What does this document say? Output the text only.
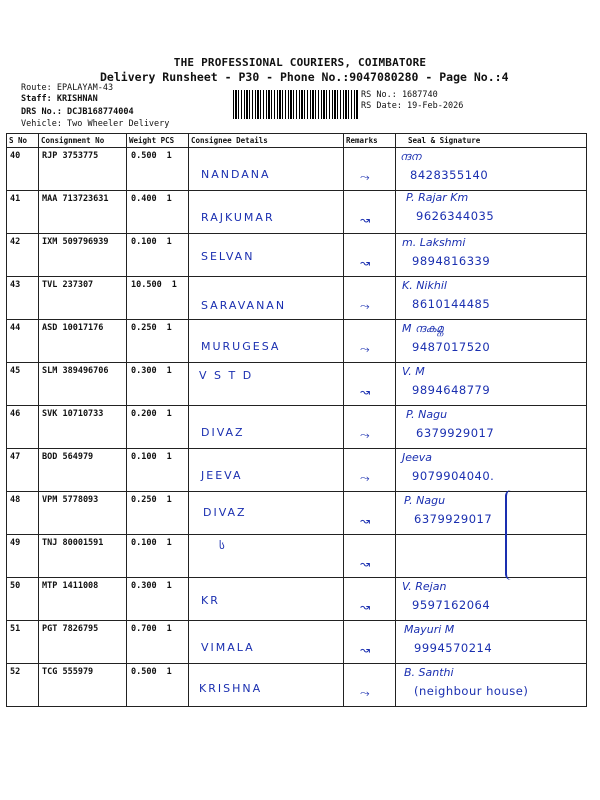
THE PROFESSIONAL COURIERS, COIMBATORE
Delivery Runsheet - P30 - Phone No.:9047080280 - Page No.:4
Route: EPALAYAM-43
Staff: KRISHNAN
DRS No.: DCJB168774004
Vehicle: Two Wheeler Delivery
RS No.: 1687740
RS Date: 19-Feb-2026
S No	Consignment No	Weight PCS	Consignee Details	Remarks	Seal & Signature
40	RJP 3753775	0.500 1	NANDANA	⤳	ന്ദന
8428355140

41	MAA 713723631	0.400 1	RAJKUMAR	↝	P. Rajar Km
9626344035

42	IXM 509796939	0.100 1	SELVAN	↝	m. Lakshmi
9894816339

43	TVL 237307	10.500 1	SARAVANAN	⤳	K. Nikhil
8610144485

44	ASD 10017176	0.250 1	MURUGESA	⤳	M ന്ദകമ്ന
9487017520

45	SLM 389496706	0.300 1	V S T D	↝	V. M
9894648779

46	SVK 10710733	0.200 1	DIVAZ	⤳	P. Nagu
6379929017

47	BOD 564979	0.100 1	JEEVA	⤳	Jeeva
9079904040.

48	VPM 5778093	0.250 1	DIVAZ	↝	P. Nagu
6379929017

49	TNJ 80001591	0.100 1	ს	↝	

50	MTP 1411008	0.300 1	KR	↝	V. Rejan
9597162064

51	PGT 7826795	0.700 1	VIMALA	↝	Mayuri M
9994570214

52	TCG 555979	0.500 1	KRISHNA	⤳	B. Santhi
(neighbour house)
